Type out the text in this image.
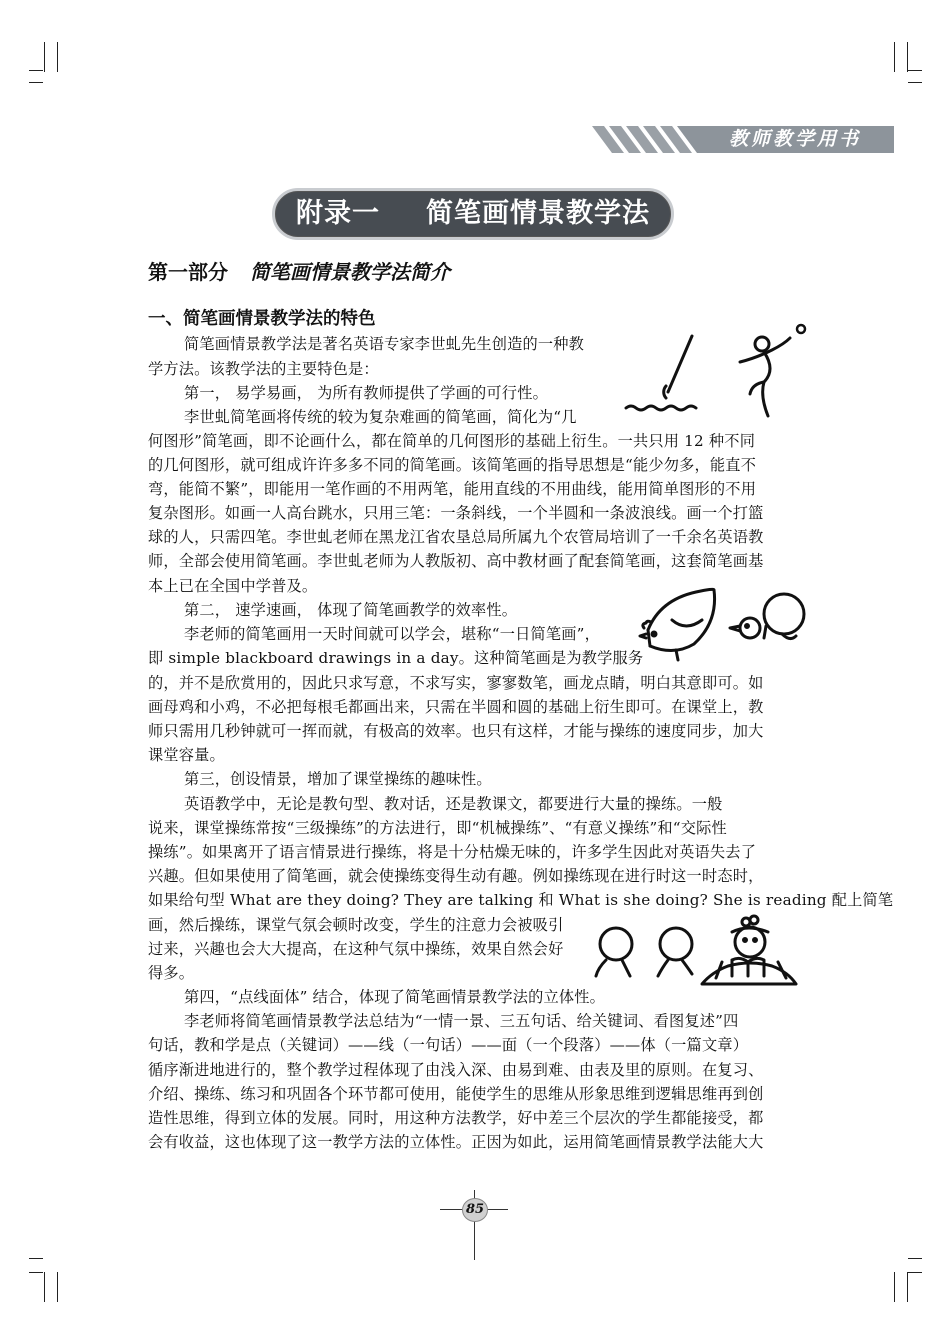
教师教学用书
附录一 简笔画情景教学法
第一部分 简笔画情景教学法简介
一、简笔画情景教学法的特色
简笔画情景教学法是著名英语专家李世虬先生创造的一种教
学方法。该教学法的主要特色是：
第一， 易学易画， 为所有教师提供了学画的可行性。
李世虬简笔画将传统的较为复杂难画的简笔画，简化为“几
何图形”简笔画，即不论画什么，都在简单的几何图形的基础上衍生。一共只用 12 种不同
的几何图形，就可组成许许多多不同的简笔画。该简笔画的指导思想是“能少勿多，能直不
弯，能简不繁”，即能用一笔作画的不用两笔，能用直线的不用曲线，能用简单图形的不用
复杂图形。如画一人高台跳水，只用三笔：一条斜线，一个半圆和一条波浪线。画一个打篮
球的人，只需四笔。李世虬老师在黑龙江省农垦总局所属九个农管局培训了一千余名英语教
师，全部会使用简笔画。李世虬老师为人教版初、高中教材画了配套简笔画，这套简笔画基
本上已在全国中学普及。
第二， 速学速画， 体现了简笔画教学的效率性。
李老师的简笔画用一天时间就可以学会，堪称“一日简笔画”，
即 simple blackboard drawings in a day。这种简笔画是为教学服务
的，并不是欣赏用的，因此只求写意，不求写实，寥寥数笔，画龙点睛，明白其意即可。如
画母鸡和小鸡，不必把每根毛都画出来，只需在半圆和圆的基础上衍生即可。在课堂上，教
师只需用几秒钟就可一挥而就，有极高的效率。也只有这样，才能与操练的速度同步，加大
课堂容量。
第三，创设情景，增加了课堂操练的趣味性。
英语教学中，无论是教句型、教对话，还是教课文，都要进行大量的操练。一般
说来，课堂操练常按“三级操练”的方法进行，即“机械操练”、“有意义操练”和“交际性
操练”。如果离开了语言情景进行操练，将是十分枯燥无味的，许多学生因此对英语失去了
兴趣。但如果使用了简笔画，就会使操练变得生动有趣。例如操练现在进行时这一时态时，
如果给句型 What are they doing? They are talking 和 What is she doing? She is reading 配上简笔
画，然后操练，课堂气氛会顿时改变，学生的注意力会被吸引
过来，兴趣也会大大提高，在这种气氛中操练，效果自然会好
得多。
第四，“点线面体” 结合，体现了简笔画情景教学法的立体性。
李老师将简笔画情景教学法总结为“一情一景、三五句话、给关键词、看图复述”四
句话，教和学是点（关键词）——线（一句话）——面（一个段落）——体（一篇文章）
循序渐进地进行的，整个教学过程体现了由浅入深、由易到难、由表及里的原则。在复习、
介绍、操练、练习和巩固各个环节都可使用，能使学生的思维从形象思维到逻辑思维再到创
造性思维，得到立体的发展。同时，用这种方法教学，好中差三个层次的学生都能接受，都
会有收益，这也体现了这一教学方法的立体性。正因为如此，运用简笔画情景教学法能大大
85
